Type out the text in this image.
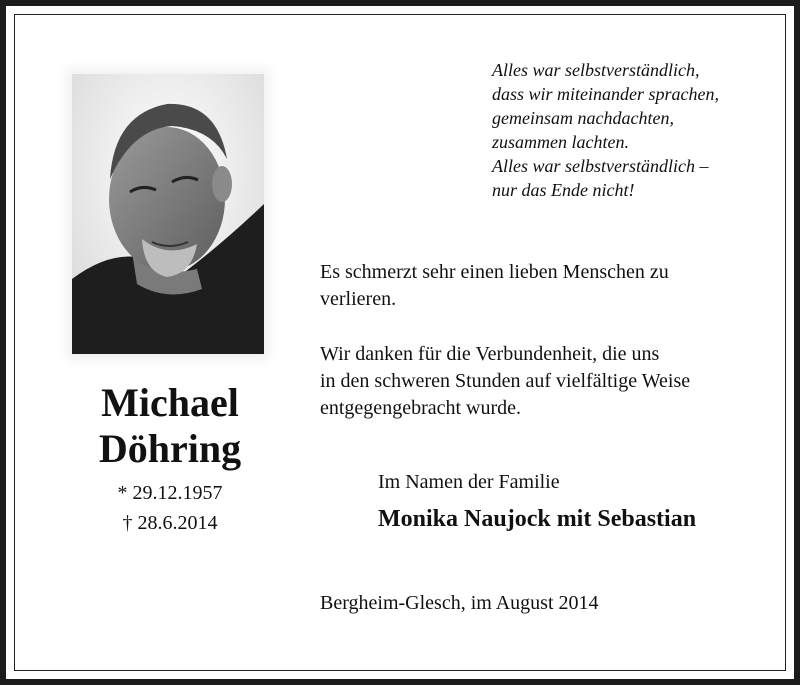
Michael
Döhring
* 29.12.1957
† 28.6.2014
Alles war selbstverständlich,
dass wir miteinander sprachen,
gemeinsam nachdachten,
zusammen lachten.
Alles war selbstverständlich –
nur das Ende nicht!
Es schmerzt sehr einen lieben Menschen zu
verlieren.
Wir danken für die Verbundenheit, die uns
in den schweren Stunden auf vielfältige Weise
entgegengebracht wurde.
Im Namen der Familie
Monika Naujock mit Sebastian
Bergheim-Glesch, im August 2014
